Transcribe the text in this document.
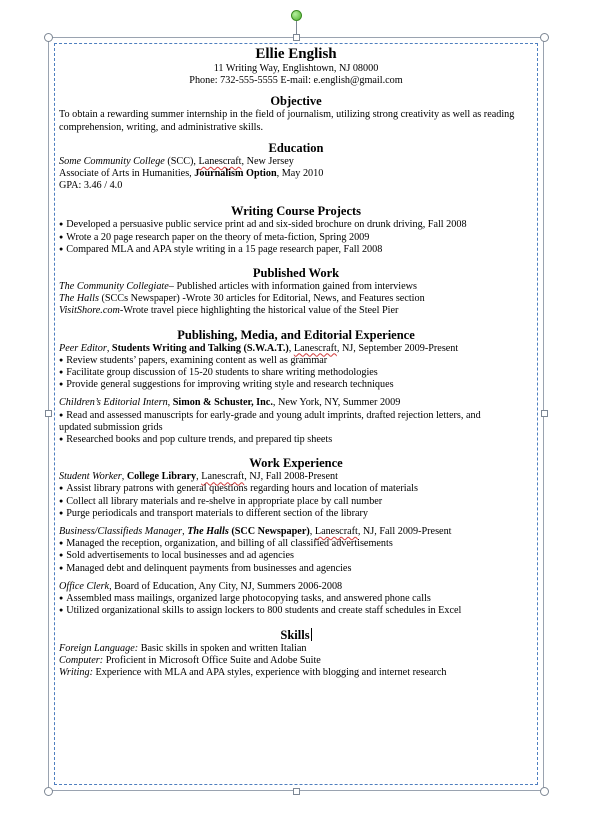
Ellie English
11 Writing Way, Englishtown, NJ 08000
Phone: 732-555-5555 E-mail: e.english@gmail.com
Objective
To obtain a rewarding summer internship in the field of journalism, utilizing strong creativity as well as reading comprehension, writing, and administrative skills.
Education
Some Community College (SCC), Lanescraft, New Jersey
Associate of Arts in Humanities, Journalism Option, May 2010
GPA: 3.46 / 4.0
Writing Course Projects
● Developed a persuasive public service print ad and six-sided brochure on drunk driving, Fall 2008
● Wrote a 20 page research paper on the theory of meta-fiction, Spring 2009
● Compared MLA and APA style writing in a 15 page research paper, Fall 2008
Published Work
The Community Collegiate– Published articles with information gained from interviews
The Halls (SCCs Newspaper) -Wrote 30 articles for Editorial, News, and Features section
VisitShore.com-Wrote travel piece highlighting the historical value of the Steel Pier
Publishing, Media, and Editorial Experience
Peer Editor, Students Writing and Talking (S.W.A.T.), Lanescraft, NJ, September 2009-Present
● Review students’ papers, examining content as well as grammar
● Facilitate group discussion of 15-20 students to share writing methodologies
● Provide general suggestions for improving writing style and research techniques
Children’s Editorial Intern, Simon & Schuster, Inc., New York, NY, Summer 2009
● Read and assessed manuscripts for early-grade and young adult imprints, drafted rejection letters, and
updated submission grids
● Researched books and pop culture trends, and prepared tip sheets
Work Experience
Student Worker, College Library, Lanescraft, NJ, Fall 2008-Present
● Assist library patrons with general questions regarding hours and location of materials
● Collect all library materials and re-shelve in appropriate place by call number
● Purge periodicals and transport materials to different section of the library
Business/Classifieds Manager, The Halls (SCC Newspaper), Lanescraft, NJ, Fall 2009-Present
● Managed the reception, organization, and billing of all classified advertisements
● Sold advertisements to local businesses and ad agencies
● Managed debt and delinquent payments from businesses and agencies
Office Clerk, Board of Education, Any City, NJ, Summers 2006-2008
● Assembled mass mailings, organized large photocopying tasks, and answered phone calls
● Utilized organizational skills to assign lockers to 800 students and create staff schedules in Excel
Skills
Foreign Language: Basic skills in spoken and written Italian
Computer: Proficient in Microsoft Office Suite and Adobe Suite
Writing: Experience with MLA and APA styles, experience with blogging and internet research
